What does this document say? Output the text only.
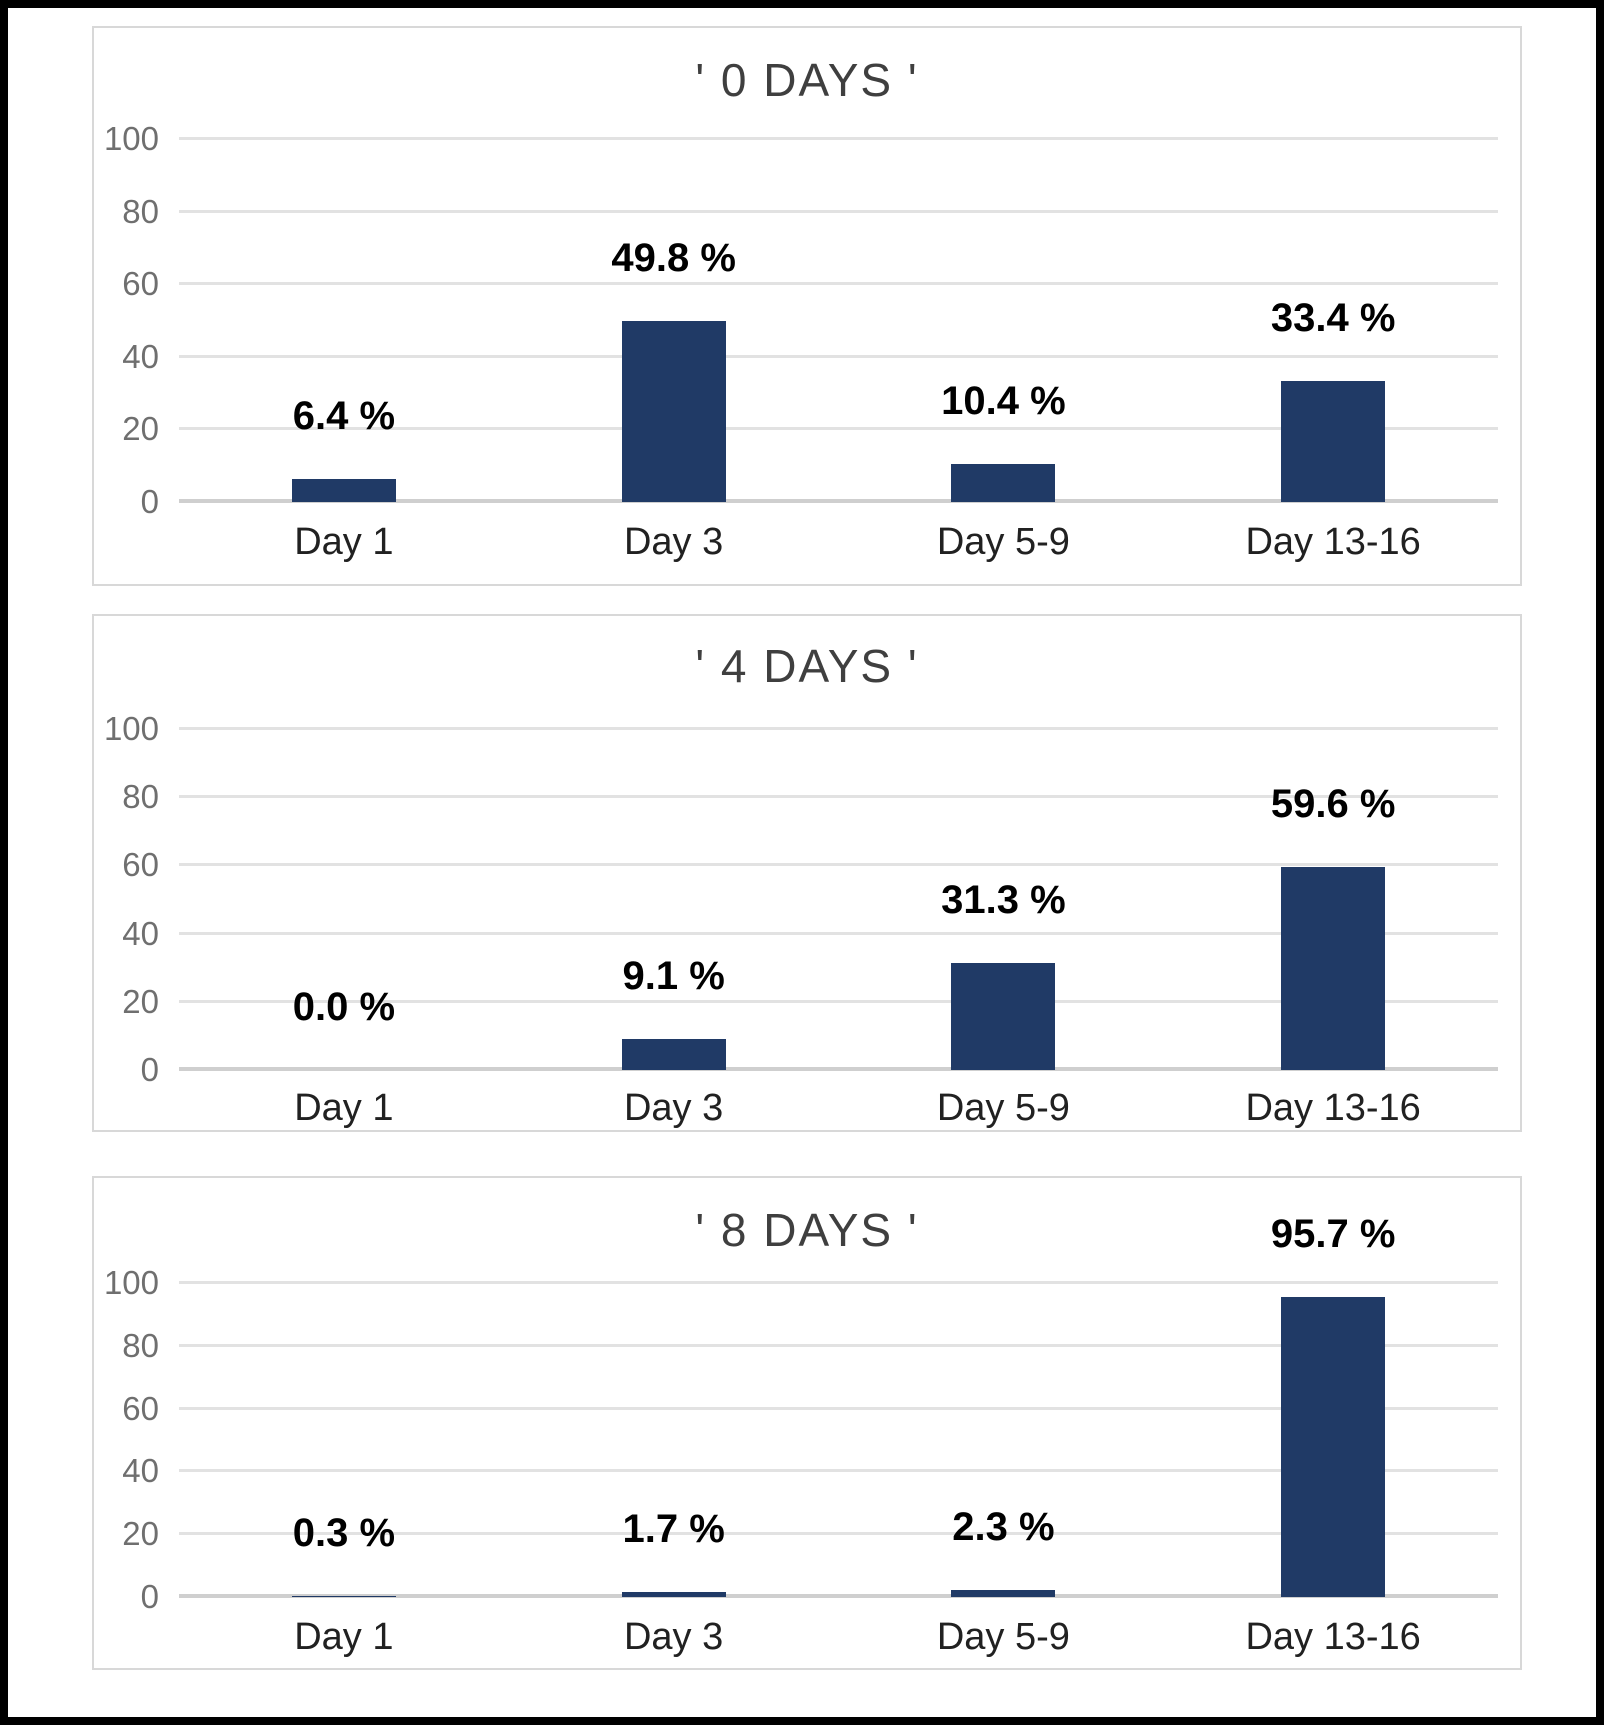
' 0 DAYS '
0
20
40
60
80
100
6.4 %
49.8 %
10.4 %
33.4 %
Day 1	Day 3	Day 5-9	Day 13-16
' 4 DAYS '
0
20
40
60
80
100
0.0 %
9.1 %
31.3 %
59.6 %
Day 1	Day 3	Day 5-9	Day 13-16
' 8 DAYS '
0
20
40
60
80
100
0.3 %	1.7 %	2.3 %
95.7 %
Day 1	Day 3	Day 5-9	Day 13-16
